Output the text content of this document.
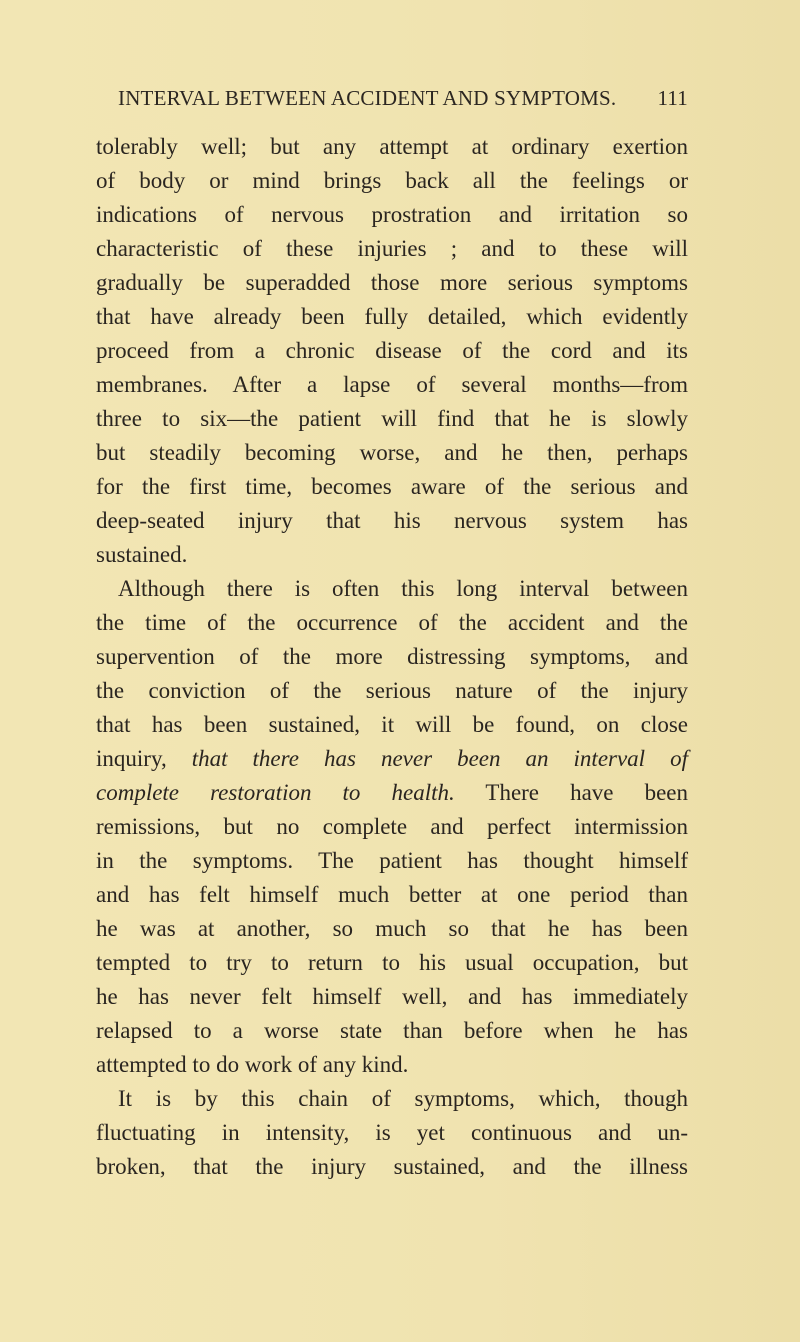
INTERVAL BETWEEN ACCIDENT AND SYMPTOMS. 111
tolerably well; but any attempt at ordinary exertion
of body or mind brings back all the feelings or
indications of nervous prostration and irritation so
characteristic of these injuries ; and to these will
gradually be superadded those more serious symptoms
that have already been fully detailed, which evidently
proceed from a chronic disease of the cord and its
membranes. After a lapse of several months—from
three to six—the patient will find that he is slowly
but steadily becoming worse, and he then, perhaps
for the first time, becomes aware of the serious and
deep-seated injury that his nervous system has
sustained.
Although there is often this long interval between
the time of the occurrence of the accident and the
supervention of the more distressing symptoms, and
the conviction of the serious nature of the injury
that has been sustained, it will be found, on close
inquiry, that there has never been an interval of
complete restoration to health. There have been
remissions, but no complete and perfect intermission
in the symptoms. The patient has thought himself
and has felt himself much better at one period than
he was at another, so much so that he has been
tempted to try to return to his usual occupation, but
he has never felt himself well, and has immediately
relapsed to a worse state than before when he has
attempted to do work of any kind.
It is by this chain of symptoms, which, though
fluctuating in intensity, is yet continuous and un-
broken, that the injury sustained, and the illness
